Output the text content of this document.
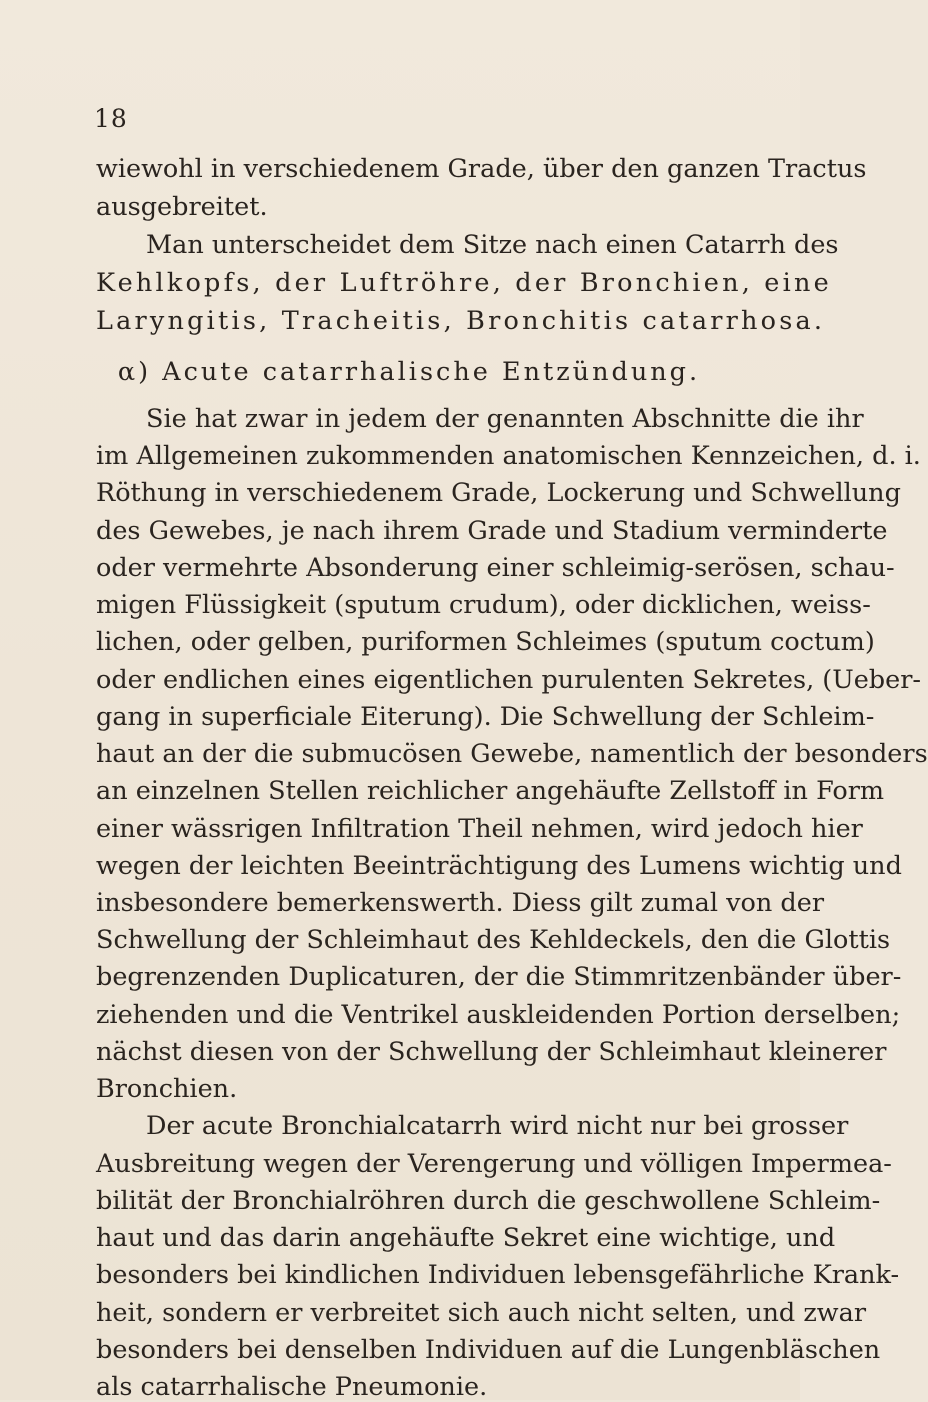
18
wiewohl in verschiedenem Grade, über den ganzen Tractus
ausgebreitet.
Man unterscheidet dem Sitze nach einen Catarrh des
Kehlkopfs, der Luftröhre, der Bronchien, eine
Laryngitis, Tracheitis, Bronchitis catarrhosa.
α) Acute catarrhalische Entzündung.
Sie hat zwar in jedem der genannten Abschnitte die ihr
im Allgemeinen zukommenden anatomischen Kennzeichen, d. i.
Röthung in verschiedenem Grade, Lockerung und Schwellung
des Gewebes, je nach ihrem Grade und Stadium verminderte
oder vermehrte Absonderung einer schleimig-serösen, schau-
migen Flüssigkeit (sputum crudum), oder dicklichen, weiss-
lichen, oder gelben, puriformen Schleimes (sputum coctum)
oder endlichen eines eigentlichen purulenten Sekretes, (Ueber-
gang in superficiale Eiterung). Die Schwellung der Schleim-
haut an der die submucösen Gewebe, namentlich der besonders
an einzelnen Stellen reichlicher angehäufte Zellstoff in Form
einer wässrigen Infiltration Theil nehmen, wird jedoch hier
wegen der leichten Beeinträchtigung des Lumens wichtig und
insbesondere bemerkenswerth. Diess gilt zumal von der
Schwellung der Schleimhaut des Kehldeckels, den die Glottis
begrenzenden Duplicaturen, der die Stimmritzenbänder über-
ziehenden und die Ventrikel auskleidenden Portion derselben;
nächst diesen von der Schwellung der Schleimhaut kleinerer
Bronchien.
Der acute Bronchialcatarrh wird nicht nur bei grosser
Ausbreitung wegen der Verengerung und völligen Impermea-
bilität der Bronchialröhren durch die geschwollene Schleim-
haut und das darin angehäufte Sekret eine wichtige, und
besonders bei kindlichen Individuen lebensgefährliche Krank-
heit, sondern er verbreitet sich auch nicht selten, und zwar
besonders bei denselben Individuen auf die Lungenbläschen
als catarrhalische Pneumonie.
